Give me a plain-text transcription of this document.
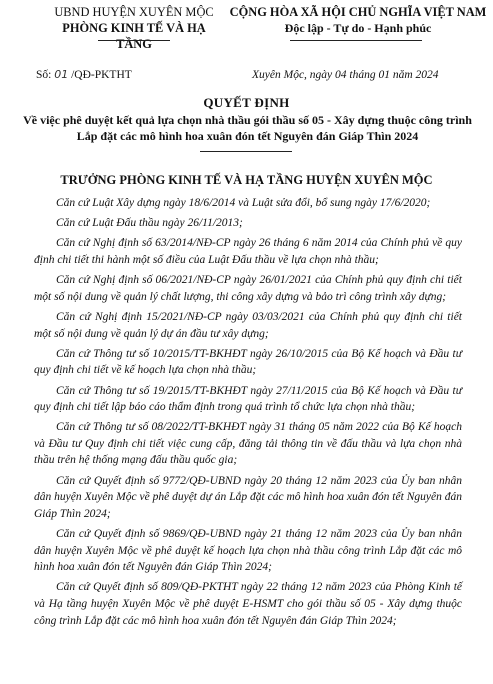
UBND HUYỆN XUYÊN MỘC
PHÒNG KINH TẾ VÀ HẠ TẦNG
CỘNG HÒA XÃ HỘI CHỦ NGHĨA VIỆT NAM
Độc lập - Tự do - Hạnh phúc
Số: 01 /QĐ-PKTHT	Xuyên Mộc, ngày 04 tháng 01 năm 2024
QUYẾT ĐỊNH
Về việc phê duyệt kết quả lựa chọn nhà thầu gói thầu số 05 - Xây dựng thuộc công trình Lắp đặt các mô hình hoa xuân đón tết Nguyên đán Giáp Thìn 2024
TRƯỞNG PHÒNG KINH TẾ VÀ HẠ TẦNG HUYỆN XUYÊN MỘC
Căn cứ Luật Xây dựng ngày 18/6/2014 và Luật sửa đổi, bổ sung ngày 17/6/2020;
Căn cứ Luật Đấu thầu ngày 26/11/2013;
Căn cứ Nghị định số 63/2014/NĐ-CP ngày 26 tháng 6 năm 2014 của Chính phủ về quy định chi tiết thi hành một số điều của Luật Đấu thầu về lựa chọn nhà thầu;
Căn cứ Nghị định số 06/2021/NĐ-CP ngày 26/01/2021 của Chính phủ quy định chi tiết một số nội dung về quản lý chất lượng, thi công xây dựng và bảo trì công trình xây dựng;
Căn cứ Nghị định 15/2021/NĐ-CP ngày 03/03/2021 của Chính phủ quy định chi tiết một số nội dung về quản lý dự án đầu tư xây dựng;
Căn cứ Thông tư số 10/2015/TT-BKHĐT ngày 26/10/2015 của Bộ Kế hoạch và Đầu tư quy định chi tiết về kế hoạch lựa chọn nhà thầu;
Căn cứ Thông tư số 19/2015/TT-BKHĐT ngày 27/11/2015 của Bộ Kế hoạch và Đầu tư quy định chi tiết lập báo cáo thẩm định trong quá trình tổ chức lựa chọn nhà thầu;
Căn cứ Thông tư số 08/2022/TT-BKHĐT ngày 31 tháng 05 năm 2022 của Bộ Kế hoạch và Đầu tư Quy định chi tiết việc cung cấp, đăng tải thông tin về đấu thầu và lựa chọn nhà thầu trên hệ thống mạng đấu thầu quốc gia;
Căn cứ Quyết định số 9772/QĐ-UBND ngày 20 tháng 12 năm 2023 của Ủy ban nhân dân huyện Xuyên Mộc về phê duyệt dự án Lắp đặt các mô hình hoa xuân đón tết Nguyên đán Giáp Thìn 2024;
Căn cứ Quyết định số 9869/QĐ-UBND ngày 21 tháng 12 năm 2023 của Ủy ban nhân dân huyện Xuyên Mộc về phê duyệt kế hoạch lựa chọn nhà thầu công trình Lắp đặt các mô hình hoa xuân đón tết Nguyên đán Giáp Thìn 2024;
Căn cứ Quyết định số 809/QĐ-PKTHT ngày 22 tháng 12 năm 2023 của Phòng Kinh tế và Hạ tầng huyện Xuyên Mộc về phê duyệt E-HSMT cho gói thầu số 05 - Xây dựng thuộc công trình Lắp đặt các mô hình hoa xuân đón tết Nguyên đán Giáp Thìn 2024;
